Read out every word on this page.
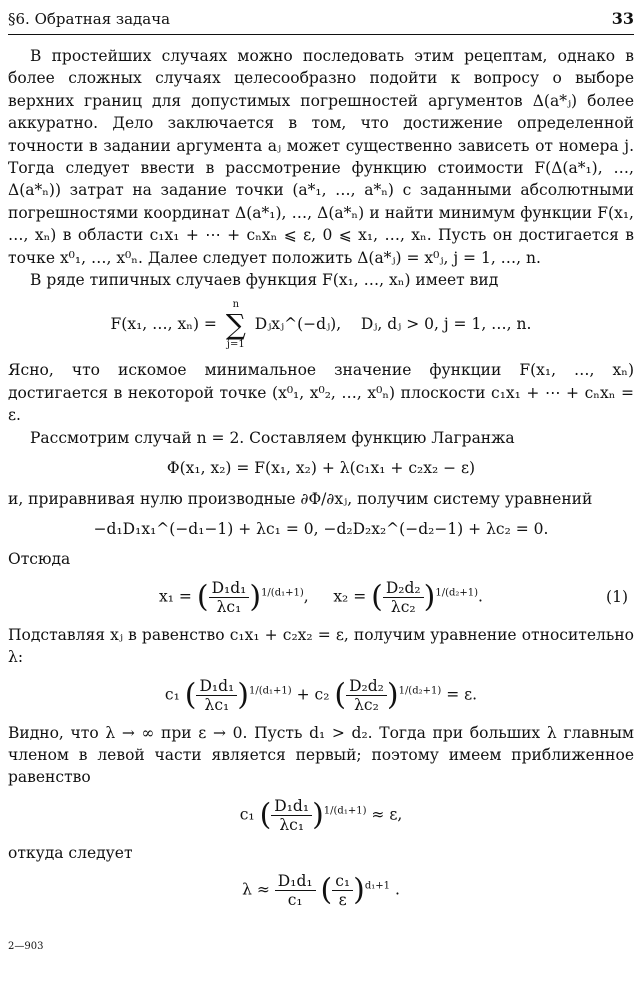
§6. Обратная задача	33

В простейших случаях можно последовать этим рецептам, однако в более сложных случаях целесообразно подойти к вопросу о выборе верхних границ для допустимых погрешностей аргументов Δ(a*ⱼ) более аккуратно. Дело заключается в том, что достижение определенной точности в задании аргумента aⱼ может существенно зависеть от номера j. Тогда следует ввести в рассмотрение функцию стоимости F(Δ(a*₁), …, Δ(a*ₙ)) затрат на задание точки (a*₁, …, a*ₙ) с заданными абсолютными погрешностями координат Δ(a*₁), …, Δ(a*ₙ) и найти минимум функции F(x₁, …, xₙ) в области c₁x₁ + ⋯ + cₙxₙ ⩽ ε, 0 ⩽ x₁, …, xₙ. Пусть он достигается в точке x⁰₁, …, x⁰ₙ. Далее следует положить Δ(a*ⱼ) = x⁰ⱼ, j = 1, …, n.

В ряде типичных случаев функция F(x₁, …, xₙ) имеет вид

F(x₁, …, xₙ) =
n
∑
j=1
Dⱼxⱼ^(−dⱼ), Dⱼ, dⱼ > 0, j = 1, …, n.

Ясно, что искомое минимальное значение функции F(x₁, …, xₙ) достигается в некоторой точке (x⁰₁, x⁰₂, …, x⁰ₙ) плоскости c₁x₁ + ⋯ + cₙxₙ = ε.

Рассмотрим случай n = 2. Составляем функцию Лагранжа

Φ(x₁, x₂) = F(x₁, x₂) + λ(c₁x₁ + c₂x₂ − ε)

и, приравнивая нулю производные ∂Φ/∂xⱼ, получим систему уравнений

−d₁D₁x₁^(−d₁−1) + λc₁ = 0, −d₂D₂x₂^(−d₂−1) + λc₂ = 0.

Отсюда

x₁ = ( $\frac{\text{D₁d₁}}{\text{λc₁}} )^{1/(d_1+1)}$,     x₂ = ( $\frac{\text{D₂d₂}}{\text{λc₂}} )^{1/(d_2+1)}$.	(1)

Подставляя xⱼ в равенство c₁x₁ + c₂x₂ = ε, получим уравнение относительно λ:

c₁ ( $\frac{\text{D₁d₁}}{\text{λc₁}} )^{1/(d_1+1)} + c_2$ ( $\frac{\text{D₂d₂}}{\text{λc₂}} )^{1/(d_2+1)} = \varepsilon$.

Видно, что λ → ∞ при ε → 0. Пусть d₁ > d₂. Тогда при больших λ главным членом в левой части является первый; поэтому имеем приближенное равенство

c₁ ( $\frac{\text{D₁d₁}}{\text{λc₁}} )^{1/(d_1+1)} \approx \varepsilon$,

откуда следует

$\lambda \approx \frac{\text{D₁d₁}}{\text{c₁}}$ ( $\frac{\text{c₁}}{\varepsilon} )^{d_1+1}$ .
2—903
